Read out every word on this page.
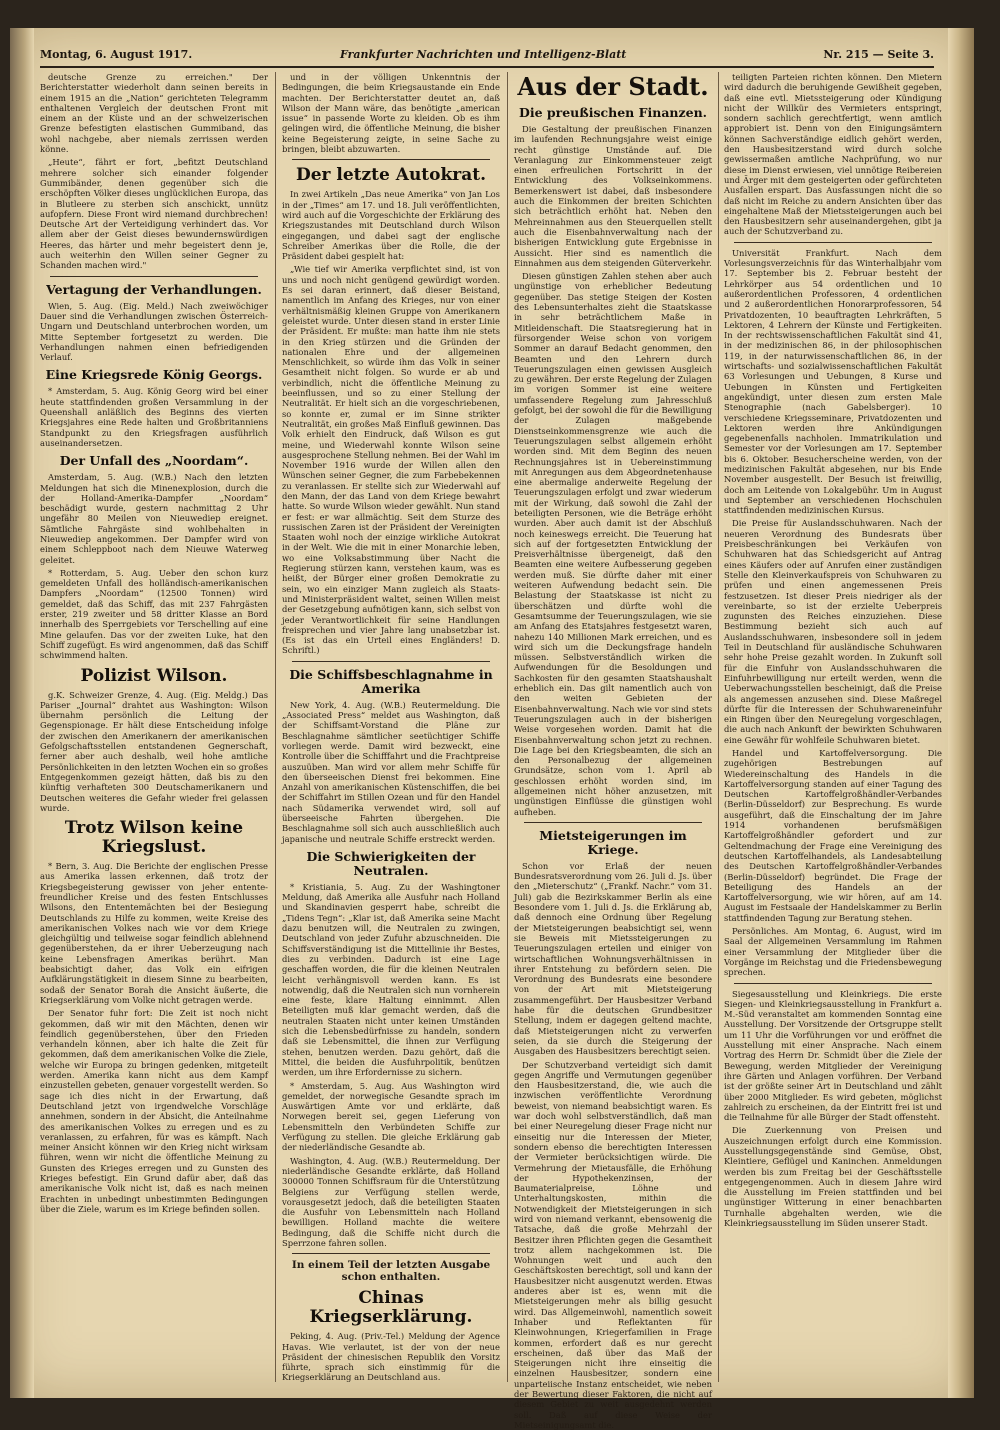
Montag, 6. August 1917.	Frankfurter Nachrichten und Intelligenz-Blatt	Nr. 215 — Seite 3.

deutsche Grenze zu erreichen." Der Berichterstatter wiederholt dann seinen bereits in einem 1915 an die „Nation“ gerichteten Telegramm enthaltenen Vergleich der deutschen Front mit einem an der Küste und an der schweizerischen Grenze befestigten elastischen Gummiband, das wohl nachgebe, aber niemals zerrissen werden könne.

„Heute“, fährt er fort, „befitzt Deutschland mehrere solcher sich einander folgender Gummibänder, denen gegenüber sich die erschöpften Völker dieses unglücklichen Europa, das in Blutleere zu sterben sich anschickt, unnütz aufopfern. Diese Front wird niemand durchbrechen! Deutsche Art der Verteidigung verhindert das. Vor allem aber der Geist dieses bewundernswürdigen Heeres, das härter und mehr begeistert denn je, auch weiterhin den Willen seiner Gegner zu Schanden machen wird."

Vertagung der Verhandlungen.

Wien, 5. Aug. (Eig. Meld.) Nach zweiwöchiger Dauer sind die Verhandlungen zwischen Österreich-Ungarn und Deutschland unterbrochen worden, um Mitte September fortgesetzt zu werden. Die Verhandlungen nahmen einen befriedigenden Verlauf.

Eine Kriegsrede König Georgs.

* Amsterdam, 5. Aug. König Georg wird bei einer heute stattfindenden großen Versammlung in der Queenshall anläßlich des Beginns des vierten Kriegsjahres eine Rede halten und Großbritanniens Standpunkt zu den Kriegsfragen ausführlich auseinandersetzen.

Der Unfall des „Noordam“.

Amsterdam, 5. Aug. (W.B.) Nach den letzten Meldungen hat sich die Minenexplosion, durch die der Holland-Amerika-Dampfer „Noordam“ beschädigt wurde, gestern nachmittag 2 Uhr ungefähr 80 Meilen von Nieuwediep ereignet. Sämtliche Fahrgäste sind wohlbehalten in Nieuwediep angekommen. Der Dampfer wird von einem Schleppboot nach dem Nieuwe Waterweg geleitet.

* Rotterdam, 5. Aug. Ueber den schon kurz gemeldeten Unfall des holländisch-amerikanischen Dampfers „Noordam“ (12500 Tonnen) wird gemeldet, daß das Schiff, das mit 237 Fahrgästen erster, 219 zweiter und 58 dritter Klasse an Bord innerhalb des Sperrgebiets vor Terschelling auf eine Mine gelaufen. Das vor der zweiten Luke, hat den Schiff zugefügt. Es wird angenommen, daß das Schiff schwimmend halten.

Polizist Wilson.

g.K. Schweizer Grenze, 4. Aug. (Eig. Meldg.) Das Pariser „Journal“ drahtet aus Washington: Wilson übernahm persönlich die Leitung der Gegenspionage. Er hält diese Entscheidung infolge der zwischen den Amerikanern der amerikanischen Gefolgschaftsstellen entstandenen Gegnerschaft, ferner aber auch deshalb, weil hohe amtliche Persönlichkeiten in den letzten Wochen ein so großes Entgegenkommen gezeigt hätten, daß bis zu den künftig verhafteten 300 Deutschamerikanern und Deutschen weiteres die Gefahr wieder frei gelassen wurde.

Trotz Wilson keine Kriegslust.

* Bern, 3. Aug. Die Berichte der englischen Presse aus Amerika lassen erkennen, daß trotz der Kriegsbegeisterung gewisser von jeher entente-freundlicher Kreise und des festen Entschlusses Wilsons, den Ententemächten bei der Besiegung Deutschlands zu Hilfe zu kommen, weite Kreise des amerikanischen Volkes nach wie vor dem Kriege gleichgültig und teilweise sogar feindlich ablehnend gegenüberstehen, da er ihrer Ueberzeugung nach keine Lebensfragen Amerikas berührt. Man beabsichtigt daher, das Volk ein eifrigen Aufklärungstätigkeit in diesem Sinne zu bearbeiten, sodaß der Senator Borah die Ansicht äußerte, die Kriegserklärung vom Volke nicht getragen werde.

Der Senator fuhr fort: Die Zeit ist noch nicht gekommen, daß wir mit den Mächten, denen wir feindlich gegenüberstehen, über den Frieden verhandeln können, aber ich halte die Zeit für gekommen, daß dem amerikanischen Volke die Ziele, welche wir Europa zu bringen gedenken, mitgeteilt werden. Amerika kann nicht aus dem Kampf einzustellen gebeten, genauer vorgestellt werden. So sage ich dies nicht in der Erwartung, daß Deutschland jetzt von irgendwelche Vorschläge annehmen, sondern in der Absicht, die Anteilnahme des amerikanischen Volkes zu erregen und es zu veranlassen, zu erfahren, für was es kämpft. Nach meiner Ansicht können wir den Krieg nicht wirksam führen, wenn wir nicht die öffentliche Meinung zu Gunsten des Krieges erregen und zu Gunsten des Krieges befestigt. Ein Grund dafür aber, daß das amerikanische Volk nicht ist, daß es nach meinen Erachten in unbedingt unbestimmten Bedingungen über die Ziele, warum es im Kriege befinden sollen.

und in der völligen Unkenntnis der Bedingungen, die beim Kriegsaustande ein Ende machten. Der Berichterstatter deutet an, daß Wilson der Mann wäre, das benötigte „american issue“ in passende Worte zu kleiden. Ob es ihm gelingen wird, die öffentliche Meinung, die bisher keine Begeisterung zeigte, in seine Sache zu bringen, bleibt abzuwarten.

Der letzte Autokrat.

In zwei Artikeln „Das neue Amerika“ von Jan Los in der „Times“ am 17. und 18. Juli veröffentlichten, wird auch auf die Vorgeschichte der Erklärung des Kriegszustandes mit Deutschland durch Wilson eingegangen, und dabei sagt der englische Schreiber Amerikas über die Rolle, die der Präsident dabei gespielt hat:

„Wie tief wir Amerika verpflichtet sind, ist von uns und noch nicht genügend gewürdigt worden. Es sei daran erinnert, daß dieser Beistand, namentlich im Anfang des Krieges, nur von einer verhältnismäßig kleinen Gruppe von Amerikanern geleistet wurde. Unter diesen stand in erster Linie der Präsident. Er mußte: man hatte ihm nie stets in den Krieg stürzen und die Gründen der nationalen Ehre und der allgemeinen Menschlichkeit, so würde ihm das Volk in seiner Gesamtheit nicht folgen. So wurde er ab und verbindlich, nicht die öffentliche Meinung zu beeinflussen, und so zu einer Stellung der Neutralität. Er hielt sich an die vorgeschriebenen, so konnte er, zumal er im Sinne strikter Neutralität, ein großes Maß Einfluß gewinnen. Das Volk erhielt den Eindruck, daß Wilson es gut meine, und Wiederwahl konnte Wilson seine ausgesprochene Stellung nehmen. Bei der Wahl im November 1916 wurde der Willen allen den Wünschen seiner Gegner, die zum Farbebekennen zu veranlassen. Er stellte sich zur Wiederwahl auf den Mann, der das Land von dem Kriege bewahrt hatte. So wurde Wilson wieder gewählt. Nun stand er fest: er war allmächtig. Seit dem Sturze des russischen Zaren ist der Präsident der Vereinigten Staaten wohl noch der einzige wirkliche Autokrat in der Welt. Wie die mit in einer Monarchie leben, wo eine Volksabstimmung über Nacht die Regierung stürzen kann, verstehen kaum, was es heißt, der Bürger einer großen Demokratie zu sein, wo ein einziger Mann zugleich als Staats- und Ministerpräsident waltet, seinen Willen meist der Gesetzgebung aufnötigen kann, sich selbst von jeder Verantwortlichkeit für seine Handlungen freisprechen und vier Jahre lang unabsetzbar ist. (Es ist das ein Urteil eines Engländers! D. Schriftl.)

Die Schiffsbeschlagnahme in Amerika

New York, 4. Aug. (W.B.) Reutermeldung. Die „Associated Press“ meldet aus Washington, daß der Schiffsamt-Vorstand die Pläne zur Beschlagnahme sämtlicher seetüchtiger Schiffe vorliegen werde. Damit wird bezweckt, eine Kontrolle über die Schifffahrt und die Frachtpreise auszuüben. Man wird vor allem mehr Schiffe für den überseeischen Dienst frei bekommen. Eine Anzahl von amerikanischen Küstenschiffen, die bei der Schiffahrt im Stillen Ozean und für den Handel nach Südamerika verwendet wird, soll auf überseeische Fahrten übergehen. Die Beschlagnahme soll sich auch ausschließlich auch japanische und neutrale Schiffe erstreckt werden.

Die Schwierigkeiten der Neutralen.

* Kristiania, 5. Aug. Zu der Washingtoner Meldung, daß Amerika alle Ausfuhr nach Holland und Skandinavien gesperrt habe, schreibt die „Tidens Tegn“: „Klar ist, daß Amerika seine Macht dazu benutzen will, die Neutralen zu zwingen, Deutschland von jeder Zufuhr abzuschneiden. Die Schiffsverständigung ist die Mittellinie ihr Bestes, dies zu verbinden. Dadurch ist eine Lage geschaffen worden, die für die kleinen Neutralen leicht verhängnisvoll werden kann. Es ist notwendig, daß die Neutralen sich nun vornherein eine feste, klare Haltung einnimmt. Allen Beteiligten muß klar gemacht werden, daß die neutralen Staaten nicht unter keinen Umständen sich die Lebensbedürfnisse zu handeln, sondern daß sie Lebensmittel, die ihnen zur Verfügung stehen, benutzen werden. Dazu gehört, daß die Mittel, die beiden die Ausfuhrpolitik, benützen werden, um ihre Erfordernisse zu sichern.

* Amsterdam, 5. Aug. Aus Washington wird gemeldet, der norwegische Gesandte sprach im Auswärtigen Amte vor und erklärte, daß Norwegen bereit sei, gegen Lieferung von Lebensmitteln den Verbündeten Schiffe zur Verfügung zu stellen. Die gleiche Erklärung gab der niederländische Gesandte ab.

Washington, 4. Aug. (W.B.) Reutermeldung. Der niederländische Gesandte erklärte, daß Holland 300000 Tonnen Schiffsraum für die Unterstützung Belgiens zur Verfügung stellen werde, vorausgesetzt jedoch, daß die beteiligten Staaten die Ausfuhr von Lebensmitteln nach Holland bewilligen. Holland machte die weitere Bedingung, daß die Schiffe nicht durch die Sperrzone fahren sollen.

In einem Teil der letzten Ausgabe schon enthalten.
Chinas Kriegserklärung.

Peking, 4. Aug. (Priv.-Tel.) Meldung der Agence Havas. Wie verlautet, ist der von der neue Präsident der chinesischen Republik den Vorsitz führte, sprach sich einstimmig für die Kriegserklärung an Deutschland aus.

Aus der Stadt.
Die preußischen Finanzen.

Die Gestaltung der preußischen Finanzen im laufenden Rechnungsjahre weist einige recht günstige Umstände auf. Die Veranlagung zur Einkommensteuer zeigt einen erfreulichen Fortschritt in der Entwicklung des Volkseinkommens. Bemerkenswert ist dabei, daß insbesondere auch die Einkommen der breiten Schichten sich beträchtlich erhöht hat. Neben den Mehreinnahmen aus den Steuerquellen stellt auch die Eisenbahnverwaltung nach der bisherigen Entwicklung gute Ergebnisse in Aussicht. Hier sind es namentlich die Einnahmen aus dem steigenden Güterverkehr.

Diesen günstigen Zahlen stehen aber auch ungünstige von erheblicher Bedeutung gegenüber. Das stetige Steigen der Kosten des Lebensunterhaltes zieht die Staatskasse in sehr beträchtlichem Maße in Mitleidenschaft. Die Staatsregierung hat in fürsorgender Weise schon von vorigem Sommer an darauf Bedacht genommen, den Beamten und den Lehrern durch Teuerungszulagen einen gewissen Ausgleich zu gewähren. Der erste Regelung der Zulagen im vorigen Sommer ist eine weitere umfassendere Regelung zum Jahresschluß gefolgt, bei der sowohl die für die Bewilligung der Zulagen maßgebende Dienstseinkommensgrenze wie auch die Teuerungszulagen selbst allgemein erhöht worden sind. Mit dem Beginn des neuen Rechnungsjahres ist in Uebereinstimmung mit Anregungen aus dem Abgeordnetenhause eine abermalige anderweite Regelung der Teuerungszulagen erfolgt und zwar wiederum mit der Wirkung, daß sowohl die Zahl der beteiligten Personen, wie die Beträge erhöht wurden. Aber auch damit ist der Abschluß noch keineswegs erreicht. Die Teuerung hat sich auf der fortgesetzten Entwicklung der Preisverhältnisse übergeneigt, daß den Beamten eine weitere Aufbesserung gegeben werden muß. Sie dürfte daher mit einer weiteren Aufwendung bedacht sein. Die Belastung der Staatskasse ist nicht zu überschätzen und dürfte wohl die Gesamtsumme der Teuerungszulagen, wie sie am Anfang des Etatsjahres festgesetzt waren, nahezu 140 Millionen Mark erreichen, und es wird sich um die Deckungsfrage handeln müssen. Selbstverständlich wirken die Aufwendungen für die Besoldungen und Sachkosten für den gesamten Staatshaushalt erheblich ein. Das gilt namentlich auch von den weiten Gebieten der Eisenbahnverwaltung. Nach wie vor sind stets Teuerungszulagen auch in der bisherigen Weise vorgesehen worden. Damit hat die Eisenbahnverwaltung schon jetzt zu rechnen. Die Lage bei den Kriegsbeamten, die sich an den Personalbezug der allgemeinen Grundsätze, schon vom 1. April ab geschlossen erhöht worden sind, im allgemeinen nicht höher anzusetzen, mit ungünstigen Einflüsse die günstigen wohl aufheben.

Mietsteigerungen im Kriege.

Schon vor Erlaß der neuen Bundesratsverordnung vom 26. Juli d. Js. über den „Mieterschutz“ („Frankf. Nachr.“ vom 31. Juli) gab die Bezirkskammer Berlin als eine Besondere vom 1. Juli d. Js. die Erklärung ab, daß dennoch eine Ordnung über Regelung der Mietsteigerungen beabsichtigt sei, wenn sie Beweis mit Mietssteigerungen zu Teuerungszulagen erteilen und einiger von wirtschaftlichen Wohnungsverhältnissen in ihrer Entstehung zu befördern seien. Die Verordnung des Bundesrats eine besondere von der Art mit Mietsteigerung zusammengeführt. Der Hausbesitzer Verband habe für die deutschen Grundbesitzer Stellung, indem er dagegen geltend machte, daß Mietsteigerungen nicht zu verwerfen seien, da sie durch die Steigerung der Ausgaben des Hausbesitzers berechtigt seien.

Der Schutzverband verteidigt sich damit gegen Angriffe und Vermutungen gegenüber den Hausbesitzerstand, die, wie auch die inzwischen veröffentlichte Verordnung beweist, von niemand beabsichtigt waren. Es war doch wohl selbstverständlich, daß man bei einer Neuregelung dieser Frage nicht nur einseitig nur die Interessen der Mieter, sondern ebenso die berechtigten Interessen der Vermieter berücksichtigen würde. Die Vermehrung der Mietausfälle, die Erhöhung der Hypothekenzinsen, der Baumaterialpreise, Löhne und Unterhaltungskosten, mithin die Notwendigkeit der Mietsteigerungen in sich wird von niemand verkannt, ebensowenig die Tatsache, daß die große Mehrzahl der Besitzer ihren Pflichten gegen die Gesamtheit trotz allem nachgekommen ist. Die Wohnungen weit und auch den Geschäftskosten berechtigt, soll und kann der Hausbesitzer nicht ausgenutzt werden. Etwas anderes aber ist es, wenn mit die Mietsteigerungen mehr als billig gesucht wird. Das Allgemeinwohl, namentlich soweit Inhaber und Reflektanten für Kleinwohnungen, Kriegerfamilien in Frage kommen, erfordert daß es nur gerecht erscheinen, daß über das Maß der Steigerungen nicht ihre einseitig die einzelnen Hausbesitzer, sondern eine unparteiische Instanz entscheidet, wie neben der Bewertung dieser Faktoren, die nicht auf diesem Gebiet zu weit ausgedehnt werden soll. Daß auf diese Weise der Mietseinigungsamt die.

teiligten Parteien richten können. Den Mietern wird dadurch die beruhigende Gewißheit gegeben, daß eine evtl. Mietssteigerung oder Kündigung nicht der Willkür des Vermieters entspringt, sondern sachlich gerechtfertigt, wenn amtlich approbiert ist. Denn von den Einigungsämtern können Sachverständige eidlich gehört werden, den Hausbesitzerstand wird durch solche gewissermaßen amtliche Nachprüfung, wo nur diese im Dienst erwiesen, viel unnötige Reibereien und Ärger mit dem gesteigerten oder gefürchteten Ausfallen erspart. Das Ausfassungen nicht die so daß nicht im Reiche zu andern Ansichten über das eingehaltene Maß der Mietssteigerungen auch bei den Hausbesitzern sehr auseinandergehen, gibt ja auch der Schutzverband zu.

Universität Frankfurt. Nach dem Vorlesungsverzeichnis für das Winterhalbjahr vom 17. September bis 2. Februar besteht der Lehrkörper aus 54 ordentlichen und 10 außerordentlichen Professoren, 4 ordentlichen und 2 außerordentlichen Honorarprofessoren, 54 Privatdozenten, 10 beauftragten Lehrkräften, 5 Lektoren, 4 Lehrern der Künste und Fertigkeiten. In der rechtswissenschaftlichen Fakultät sind 41, in der medizinischen 86, in der philosophischen 119, in der naturwissenschaftlichen 86, in der wirtschafts- und sozialwissenschaftlichen Fakultät 63 Vorlesungen und Uebungen, 8 Kurse und Uebungen in Künsten und Fertigkeiten angekündigt, unter diesen zum ersten Male Stenographie (nach Gabelsberger). 10 verschiedene Kriegsseminare, Privatdozenten und Lektoren werden ihre Ankündigungen gegebenenfalls nachholen. Immatrikulation und Semester vor der Vorlesungen am 17. September bis 6. Oktober. Besucherscheine werden, von der medizinischen Fakultät abgesehen, nur bis Ende November ausgestellt. Der Besuch ist freiwillig, doch am Leitende von Lokalgebühr. Um in August und September an verschiedenen Hochschulen stattfindenden medizinischen Kursus.

Die Preise für Auslandsschuhwaren. Nach der neueren Verordnung des Bundesrats über Preisbeschränkungen bei Verkäufen von Schuhwaren hat das Schiedsgericht auf Antrag eines Käufers oder auf Anrufen einer zuständigen Stelle den Kleinverkaufspreis von Schuhwaren zu prüfen und einen angemessenen Preis festzusetzen. Ist dieser Preis niedriger als der vereinbarte, so ist der erzielte Ueberpreis zugunsten des Reiches einzuziehen. Diese Bestimmung bezieht sich auch auf Auslandsschuhwaren, insbesondere soll in jedem Teil in Deutschland für ausländische Schuhwaren sehr hohe Preise gezahlt worden. In Zukunft soll für die Einfuhr von Auslandsschuhwaren die Einfuhrbewilligung nur erteilt werden, wenn die Ueberwachungsstellen bescheinigt, daß die Preise als angemessen anzusehen sind. Diese Maßregel dürfte für die Interessen der Schuhwareneinfuhr ein Ringen über den Neuregelung vorgeschlagen, die auch nach Ankunft der bewirkten Schuhwaren eine Gewähr für wohlfeile Schuhwaren bietet.

Handel und Kartoffelversorgung. Die zugehörigen Bestrebungen auf Wiedereinschaltung des Handels in die Kartoffelversorgung standen auf einer Tagung des Deutschen Kartoffelgroßhändler-Verbandes (Berlin-Düsseldorf) zur Besprechung. Es wurde ausgeführt, daß die Einschaltung der im Jahre 1914 vorhandenen berufsmäßigen Kartoffelgroßhändler gefordert und zur Geltendmachung der Frage eine Vereinigung des deutschen Kartoffelhandels, als Landesabteilung des Deutschen Kartoffelgroßhändler-Verbandes (Berlin-Düsseldorf) begründet. Die Frage der Beteiligung des Handels an der Kartoffelversorgung, wie wir hören, auf am 14. August im Festsaale der Handelskammer zu Berlin stattfindenden Tagung zur Beratung stehen.

Persönliches. Am Montag, 6. August, wird im Saal der Allgemeinen Versammlung im Rahmen einer Versammlung der Mitglieder über die Vorgänge im Reichstag und die Friedensbewegung sprechen.

Siegesausstellung und Kleinkriegs. Die erste Siegen- und Kleinkriegsausstellung in Frankfurt a. M.-Süd veranstaltet am kommenden Sonntag eine Ausstellung. Der Vorsitzende der Ortsgruppe stellt um 11 Uhr die Vorführungen vor und eröffnet die Ausstellung mit einer Ansprache. Nach einem Vortrag des Herrn Dr. Schmidt über die Ziele der Bewegung, werden Mitglieder der Vereinigung ihre Gärten und Anlagen vorführen. Der Verband ist der größte seiner Art in Deutschland und zählt über 2000 Mitglieder. Es wird gebeten, möglichst zahlreich zu erscheinen, da der Eintritt frei ist und die Teilnahme für alle Bürger der Stadt offensteht.

Die Zuerkennung von Preisen und Auszeichnungen erfolgt durch eine Kommission. Ausstellungsgegenstände sind Gemüse, Obst, Kleintiere, Geflügel und Kaninchen. Anmeldungen werden bis zum Freitag bei der Geschäftsstelle entgegengenommen. Auch in diesem Jahre wird die Ausstellung im Freien stattfinden und bei ungünstiger Witterung in einer benachbarten Turnhalle abgehalten werden, wie die Kleinkriegsausstellung im Süden unserer Stadt.
